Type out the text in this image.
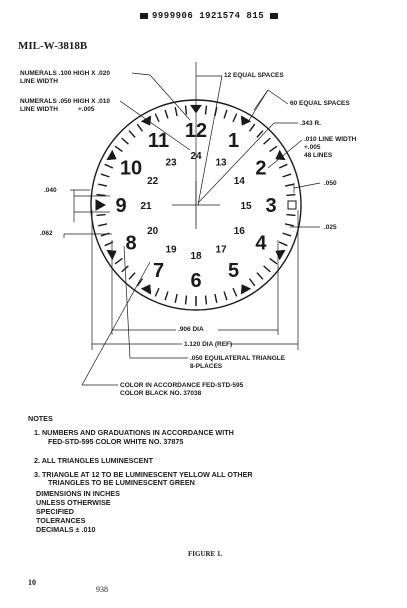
9999906 1921574 815
MIL-W-3818B
NUMERALS .100 HIGH X .020
LINE WIDTH
NUMERALS .050 HIGH X .010
LINE WIDTH	+.005
12 EQUAL SPACES
60 EQUAL SPACES
.343 R.
.010 LINE WIDTH
+.005
48 LINES
.050
.025
.040
.062
.906 DIA
1.120 DIA (REF)
.050 EQUILATERAL TRIANGLE
8-PLACES
COLOR IN ACCORDANCE FED-STD-595
COLOR BLACK NO. 37038
12 1
2
3
4
5
6
7
8
9
10
11
24
13
14
15
16
17
18
19
20
21
22
23
NOTES
1. NUMBERS AND GRADUATIONS IN ACCORDANCE WITH
FED-STD-595 COLOR WHITE NO. 37875
2. ALL TRIANGLES LUMINESCENT
3. TRIANGLE AT 12 TO BE LUMINESCENT YELLOW ALL OTHER
TRIANGLES TO BE LUMINESCENT GREEN
DIMENSIONS IN INCHES
UNLESS OTHERWISE
SPECIFIED
TOLERANCES
DECIMALS ± .010
FIGURE 1.
10
938
